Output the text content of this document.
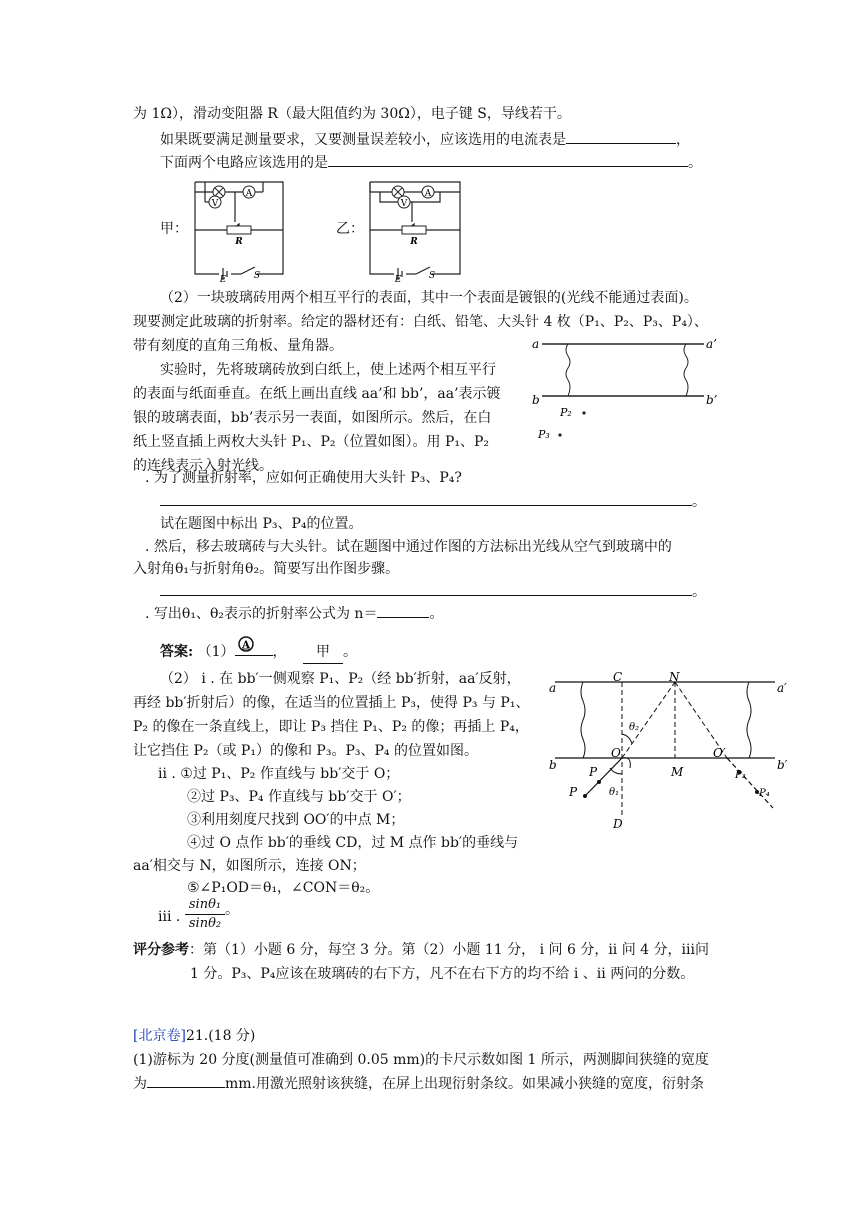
为 1Ω），滑动变阻器 R（最大阻值约为 30Ω），电子键 S，导线若干。
如果既要满足测量要求，又要测量误差较小，应该选用的电流表是	，
下面两个电路应该选用的是	。
甲：	乙：
A
V
R
E	S
A
V
R
E	S
（2）一块玻璃砖用两个相互平行的表面，其中一个表面是镀银的(光线不能通过表面)。
现要测定此玻璃的折射率。给定的器材还有：白纸、铅笔、大头针 4 枚（P₁、P₂、P₃、P₄）、
带有刻度的直角三角板、量角器。
实验时，先将玻璃砖放到白纸上，使上述两个相互平行
的表面与纸面垂直。在纸上画出直线 aa’和 bb’，aa’表示镀
银的玻璃表面，bb’表示另一表面，如图所示。然后，在白
纸上竖直插上两枚大头针 P₁、P₂（位置如图）。用 P₁、P₂
的连线表示入射光线。
a	a’
b	b’
P₂
P₃
. 为了测量折射率，应如何正确使用大头针 P₃、P₄?
。
试在题图中标出 P₃、P₄的位置。
. 然后，移去玻璃砖与大头针。试在题图中通过作图的方法标出光线从空气到玻璃中的
入射角θ₁与折射角θ₂。简要写出作图步骤。
。
. 写出θ₁、θ₂表示的折射率公式为 n＝	。
答案: （1） A ， 甲 。
（2） i . 在 bb′一侧观察 P₁、P₂（经 bb′折射，aa′反射，
再经 bb′折射后）的像，在适当的位置插上 P₃，使得 P₃ 与 P₁、
P₂ 的像在一条直线上，即让 P₃ 挡住 P₁、P₂ 的像；再插上 P₄，
让它挡住 P₂（或 P₁）的像和 P₃。P₃、P₄ 的位置如图。
ii . ①过 P₁、P₂ 作直线与 bb′交于 O；
②过 P₃、P₄ 作直线与 bb′交于 O′；
③利用刻度尺找到 OO′的中点 M；
④过 O 点作 bb′的垂线 CD，过 M 点作 bb′的垂线与
aa′相交与 N，如图所示，连接 ON；
⑤∠P₁OD＝θ₁，∠CON＝θ₂。
iii . $\frac{\text{sinθ₁}}{\text{sinθ₂}}$ 。
a	a′
b	b′
C	N
O	O′
M
D
P
P
P₃
P₄
θ₁
θ₂
评分参考：第（1）小题 6 分，每空 3 分。第（2）小题 11 分， i 问 6 分，ii 问 4 分，iii问
1 分。P₃、P₄应该在玻璃砖的右下方，凡不在右下方的均不给 i 、ii 两问的分数。
[北京卷]21.(18 分)
(1)游标为 20 分度(测量值可准确到 0.05 mm)的卡尺示数如图 1 所示，两测脚间狭缝的宽度
为	mm.用激光照射该狭缝，在屏上出现衍射条纹。如果减小狭缝的宽度，衍射条
